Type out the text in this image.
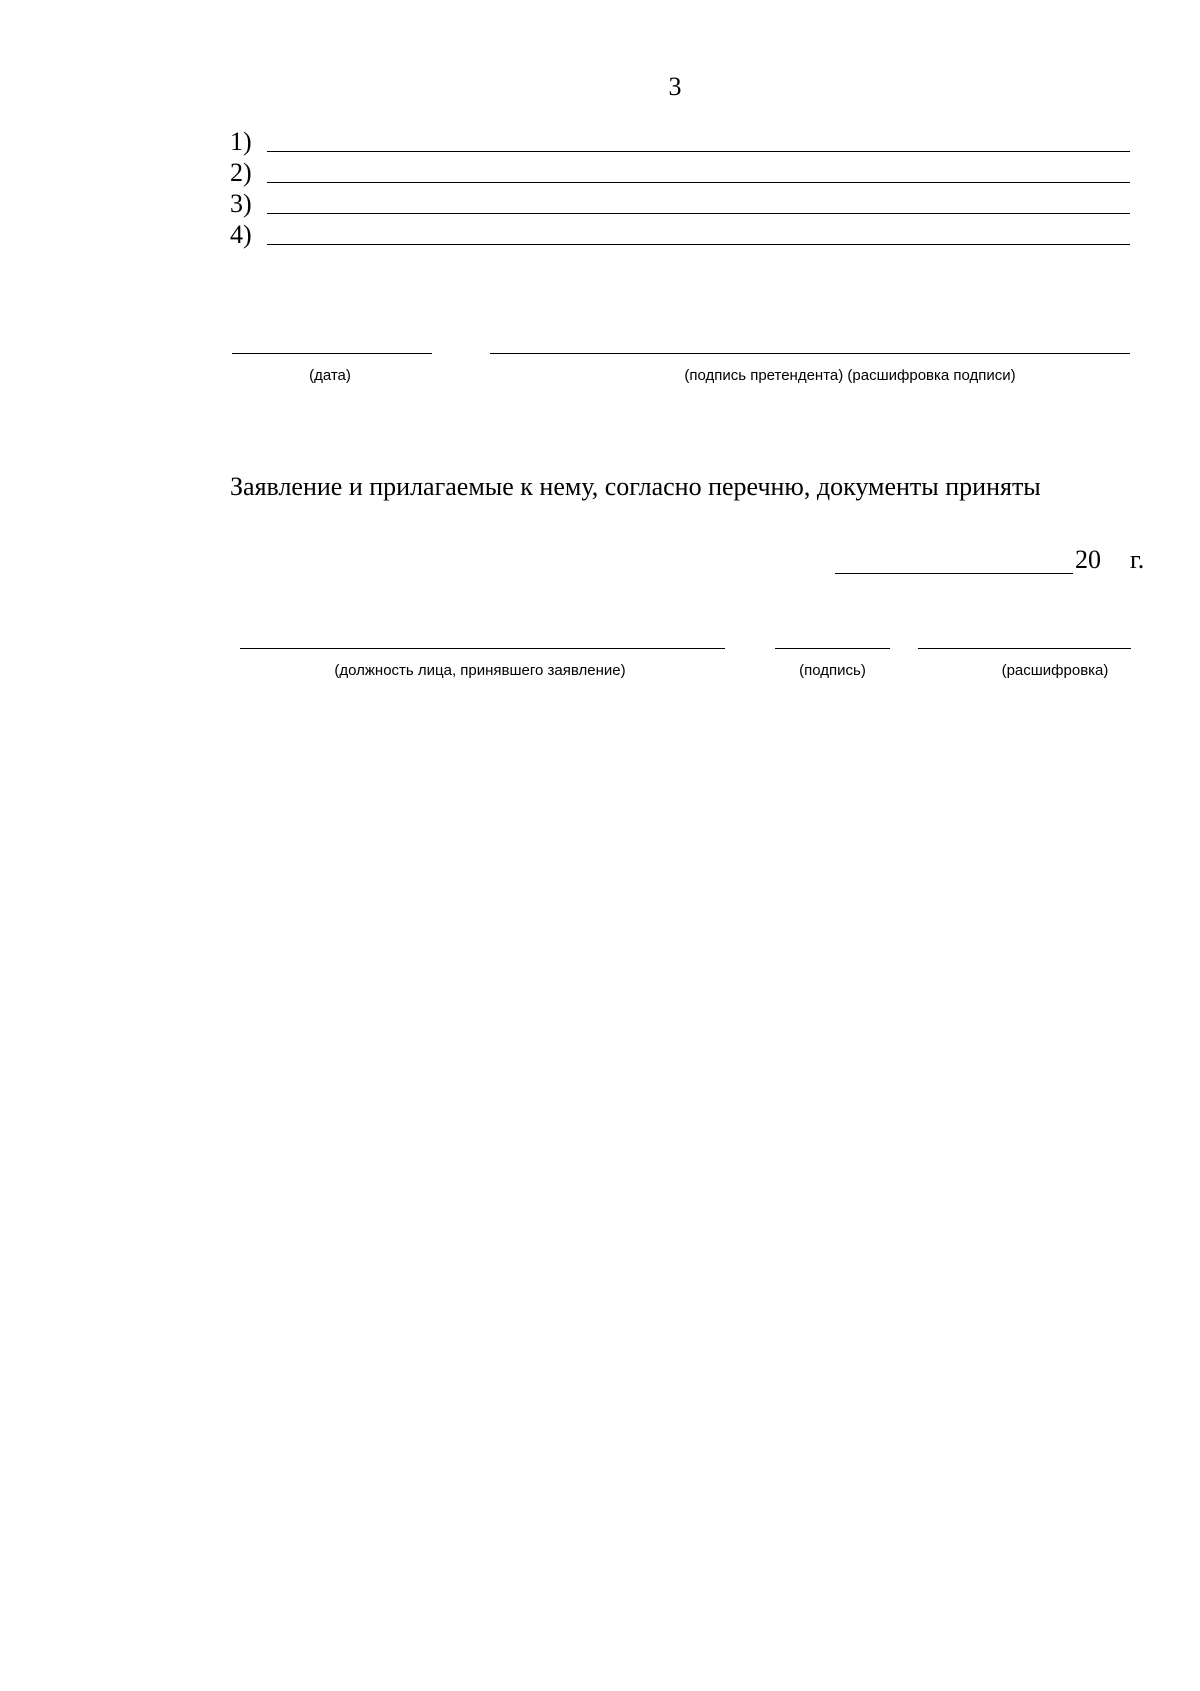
3
1)
2)
3)
4)
(дата)	(подпись претендента) (расшифровка подписи)
Заявление и прилагаемые к нему, согласно перечню, документы приняты
20 г.
(должность лица, принявшего заявление)	(подпись)	(расшифровка)
